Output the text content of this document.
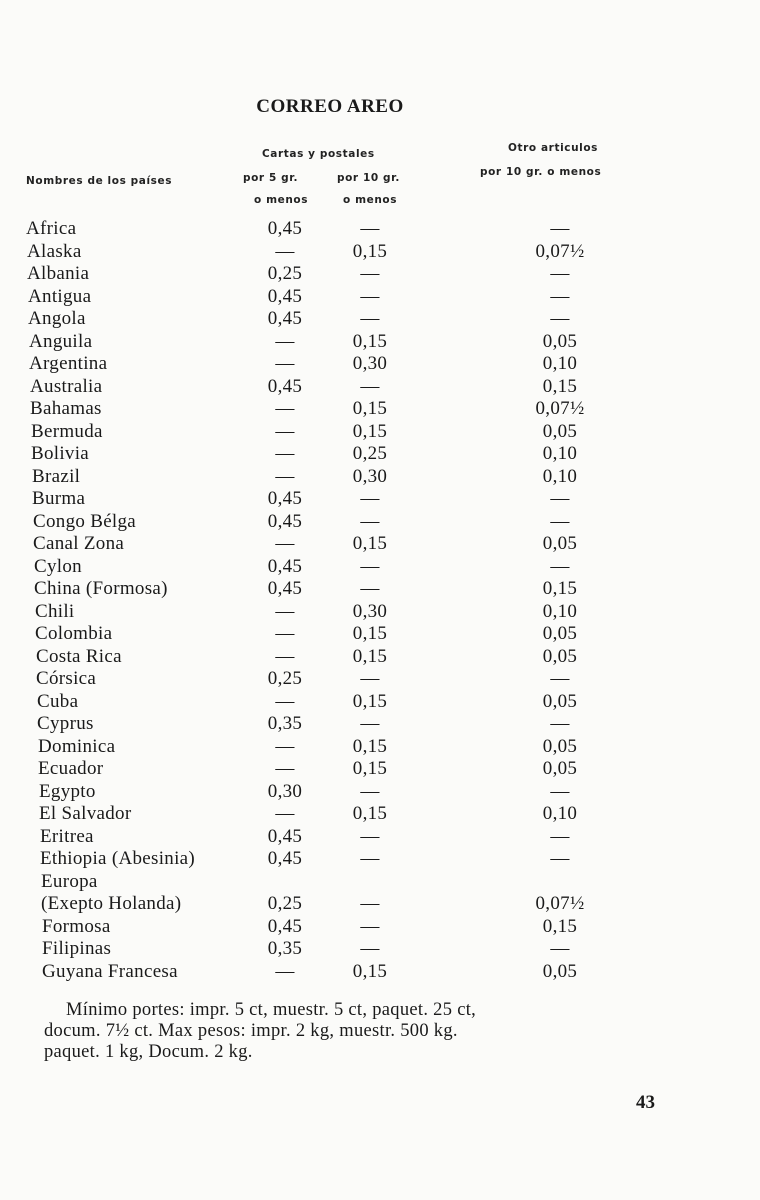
CORREO AREO
Nombres de los países
Cartas y postales
por 5 gr.
o menos
por 10 gr.
o menos
Otro articulos
por 10 gr. o menos
Africa	0,45	—	—
Alaska	—	0,15	0,07½
Albania	0,25	—	—
Antigua	0,45	—	—
Angola	0,45	—	—
Anguila	—	0,15	0,05
Argentina	—	0,30	0,10
Australia	0,45	—	0,15
Bahamas	—	0,15	0,07½
Bermuda	—	0,15	0,05
Bolivia	—	0,25	0,10
Brazil	—	0,30	0,10
Burma	0,45	—	—
Congo Bélga	0,45	—	—
Canal Zona	—	0,15	0,05
Cylon	0,45	—	—
China (Formosa)	0,45	—	0,15
Chili	—	0,30	0,10
Colombia	—	0,15	0,05
Costa Rica	—	0,15	0,05
Córsica	0,25	—	—
Cuba	—	0,15	0,05
Cyprus	0,35	—	—
Dominica	—	0,15	0,05
Ecuador	—	0,15	0,05
Egypto	0,30	—	—
El Salvador	—	0,15	0,10
Eritrea	0,45	—	—
Ethiopia (Abesinia)	0,45	—	—
Europa
(Exepto Holanda)	0,25	—	0,07½
Formosa	0,45	—	0,15
Filipinas	0,35	—	—
Guyana Francesa	—	0,15	0,05
Mínimo portes: impr. 5 ct, muestr. 5 ct, paquet. 25 ct,
docum. 7½ ct. Max pesos: impr. 2 kg, muestr. 500 kg.
paquet. 1 kg, Docum. 2 kg.
43
